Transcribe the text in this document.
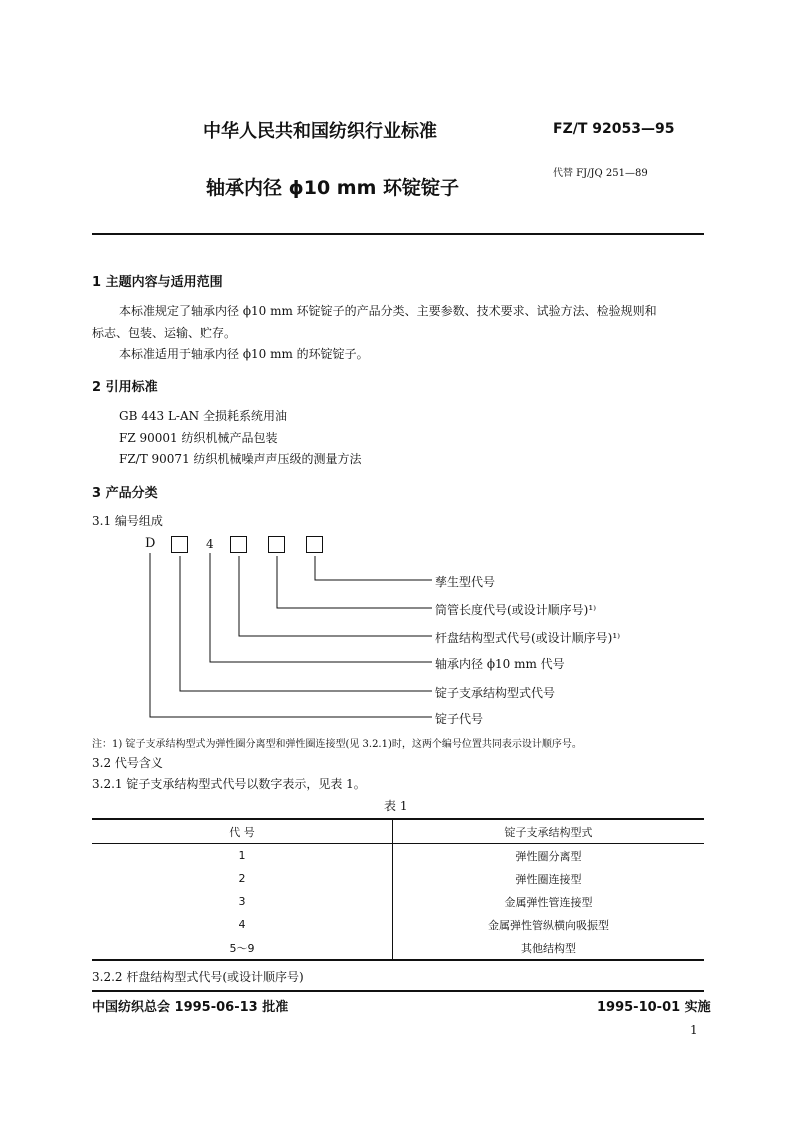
中华人民共和国纺织行业标准	FZ/T 92053—95
代替 FJ/JQ 251—89
轴承内径 ϕ10 mm 环锭锭子
1 主题内容与适用范围
本标准规定了轴承内径 ϕ10 mm 环锭锭子的产品分类、主要参数、技术要求、试验方法、检验规则和
标志、包装、运输、贮存。
本标准适用于轴承内径 ϕ10 mm 的环锭锭子。
2 引用标准
GB 443 L-AN 全损耗系统用油
FZ 90001 纺织机械产品包装
FZ/T 90071 纺织机械噪声声压级的测量方法
3 产品分类
3.1 编号组成
D	4
孳生型代号
筒管长度代号(或设计顺序号)¹⁾
杆盘结构型式代号(或设计顺序号)¹⁾
轴承内径 ϕ10 mm 代号
锭子支承结构型式代号
锭子代号
注：1) 锭子支承结构型式为弹性圈分离型和弹性圈连接型(见 3.2.1)时，这两个编号位置共同表示设计顺序号。
3.2 代号含义
3.2.1 锭子支承结构型式代号以数字表示，见表 1。
表 1
代 号	锭子支承结构型式
1	弹性圈分离型
2	弹性圈连接型
3	金属弹性管连接型
4	金属弹性管纵横向吸振型
5～9	其他结构型
3.2.2 杆盘结构型式代号(或设计顺序号)
中国纺织总会 1995-06-13 批准	1995-10-01 实施
1
